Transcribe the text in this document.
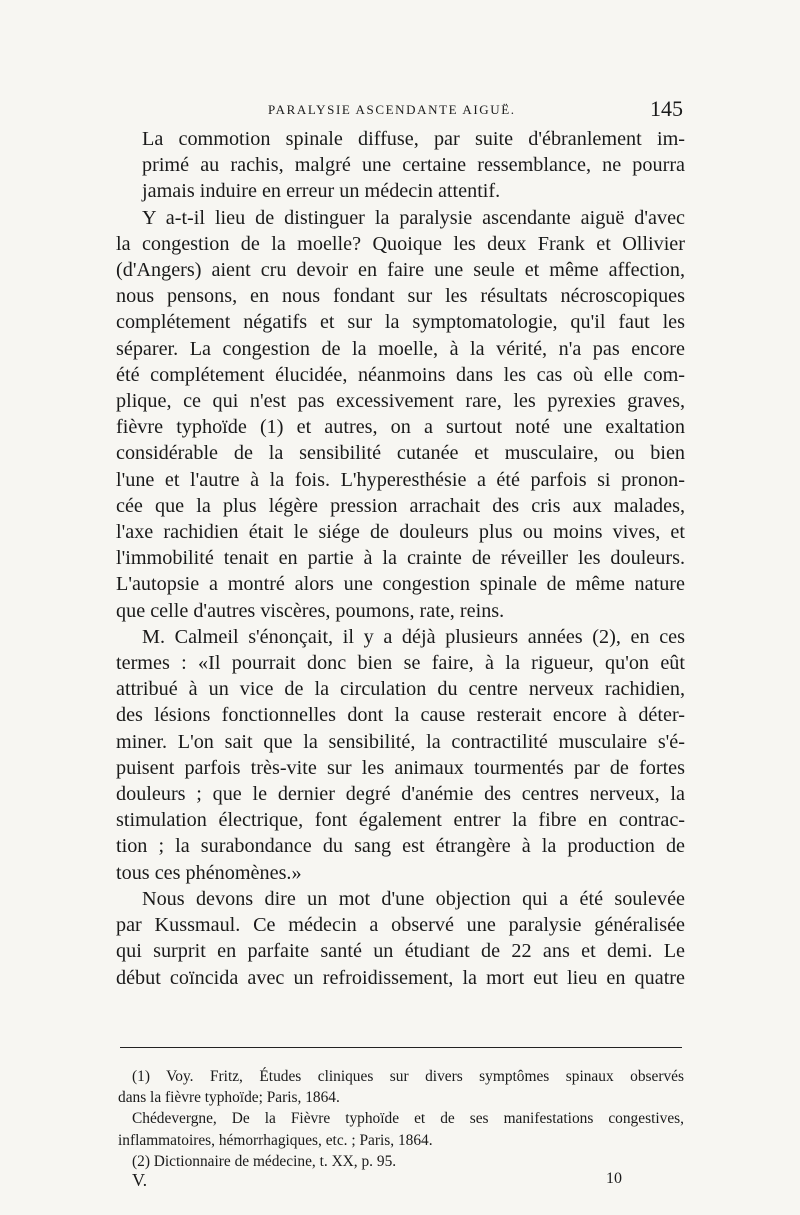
PARALYSIE ASCENDANTE AIGUË.	145

La commotion spinale diffuse, par suite d'ébranlement im-
primé au rachis, malgré une certaine ressemblance, ne pourra
jamais induire en erreur un médecin attentif.

Y a-t-il lieu de distinguer la paralysie ascendante aiguë d'avec
la congestion de la moelle? Quoique les deux Frank et Ollivier
(d'Angers) aient cru devoir en faire une seule et même affection,
nous pensons, en nous fondant sur les résultats nécroscopiques
complétement négatifs et sur la symptomatologie, qu'il faut les
séparer. La congestion de la moelle, à la vérité, n'a pas encore
été complétement élucidée, néanmoins dans les cas où elle com-
plique, ce qui n'est pas excessivement rare, les pyrexies graves,
fièvre typhoïde (1) et autres, on a surtout noté une exaltation
considérable de la sensibilité cutanée et musculaire, ou bien
l'une et l'autre à la fois. L'hyperesthésie a été parfois si pronon-
cée que la plus légère pression arrachait des cris aux malades,
l'axe rachidien était le siége de douleurs plus ou moins vives, et
l'immobilité tenait en partie à la crainte de réveiller les douleurs.
L'autopsie a montré alors une congestion spinale de même nature
que celle d'autres viscères, poumons, rate, reins.

M. Calmeil s'énonçait, il y a déjà plusieurs années (2), en ces
termes : «Il pourrait donc bien se faire, à la rigueur, qu'on eût
attribué à un vice de la circulation du centre nerveux rachidien,
des lésions fonctionnelles dont la cause resterait encore à déter-
miner. L'on sait que la sensibilité, la contractilité musculaire s'é-
puisent parfois très-vite sur les animaux tourmentés par de fortes
douleurs ; que le dernier degré d'anémie des centres nerveux, la
stimulation électrique, font également entrer la fibre en contrac-
tion ; la surabondance du sang est étrangère à la production de
tous ces phénomènes.»

Nous devons dire un mot d'une objection qui a été soulevée
par Kussmaul. Ce médecin a observé une paralysie généralisée
qui surprit en parfaite santé un étudiant de 22 ans et demi. Le
début coïncida avec un refroidissement, la mort eut lieu en quatre

(1) Voy. Fritz, Études cliniques sur divers symptômes spinaux observés
dans la fièvre typhoïde; Paris, 1864.
Chédevergne, De la Fièvre typhoïde et de ses manifestations congestives,
inflammatoires, hémorrhagiques, etc. ; Paris, 1864.

(2) Dictionnaire de médecine, t. XX, p. 95.

V.	10
